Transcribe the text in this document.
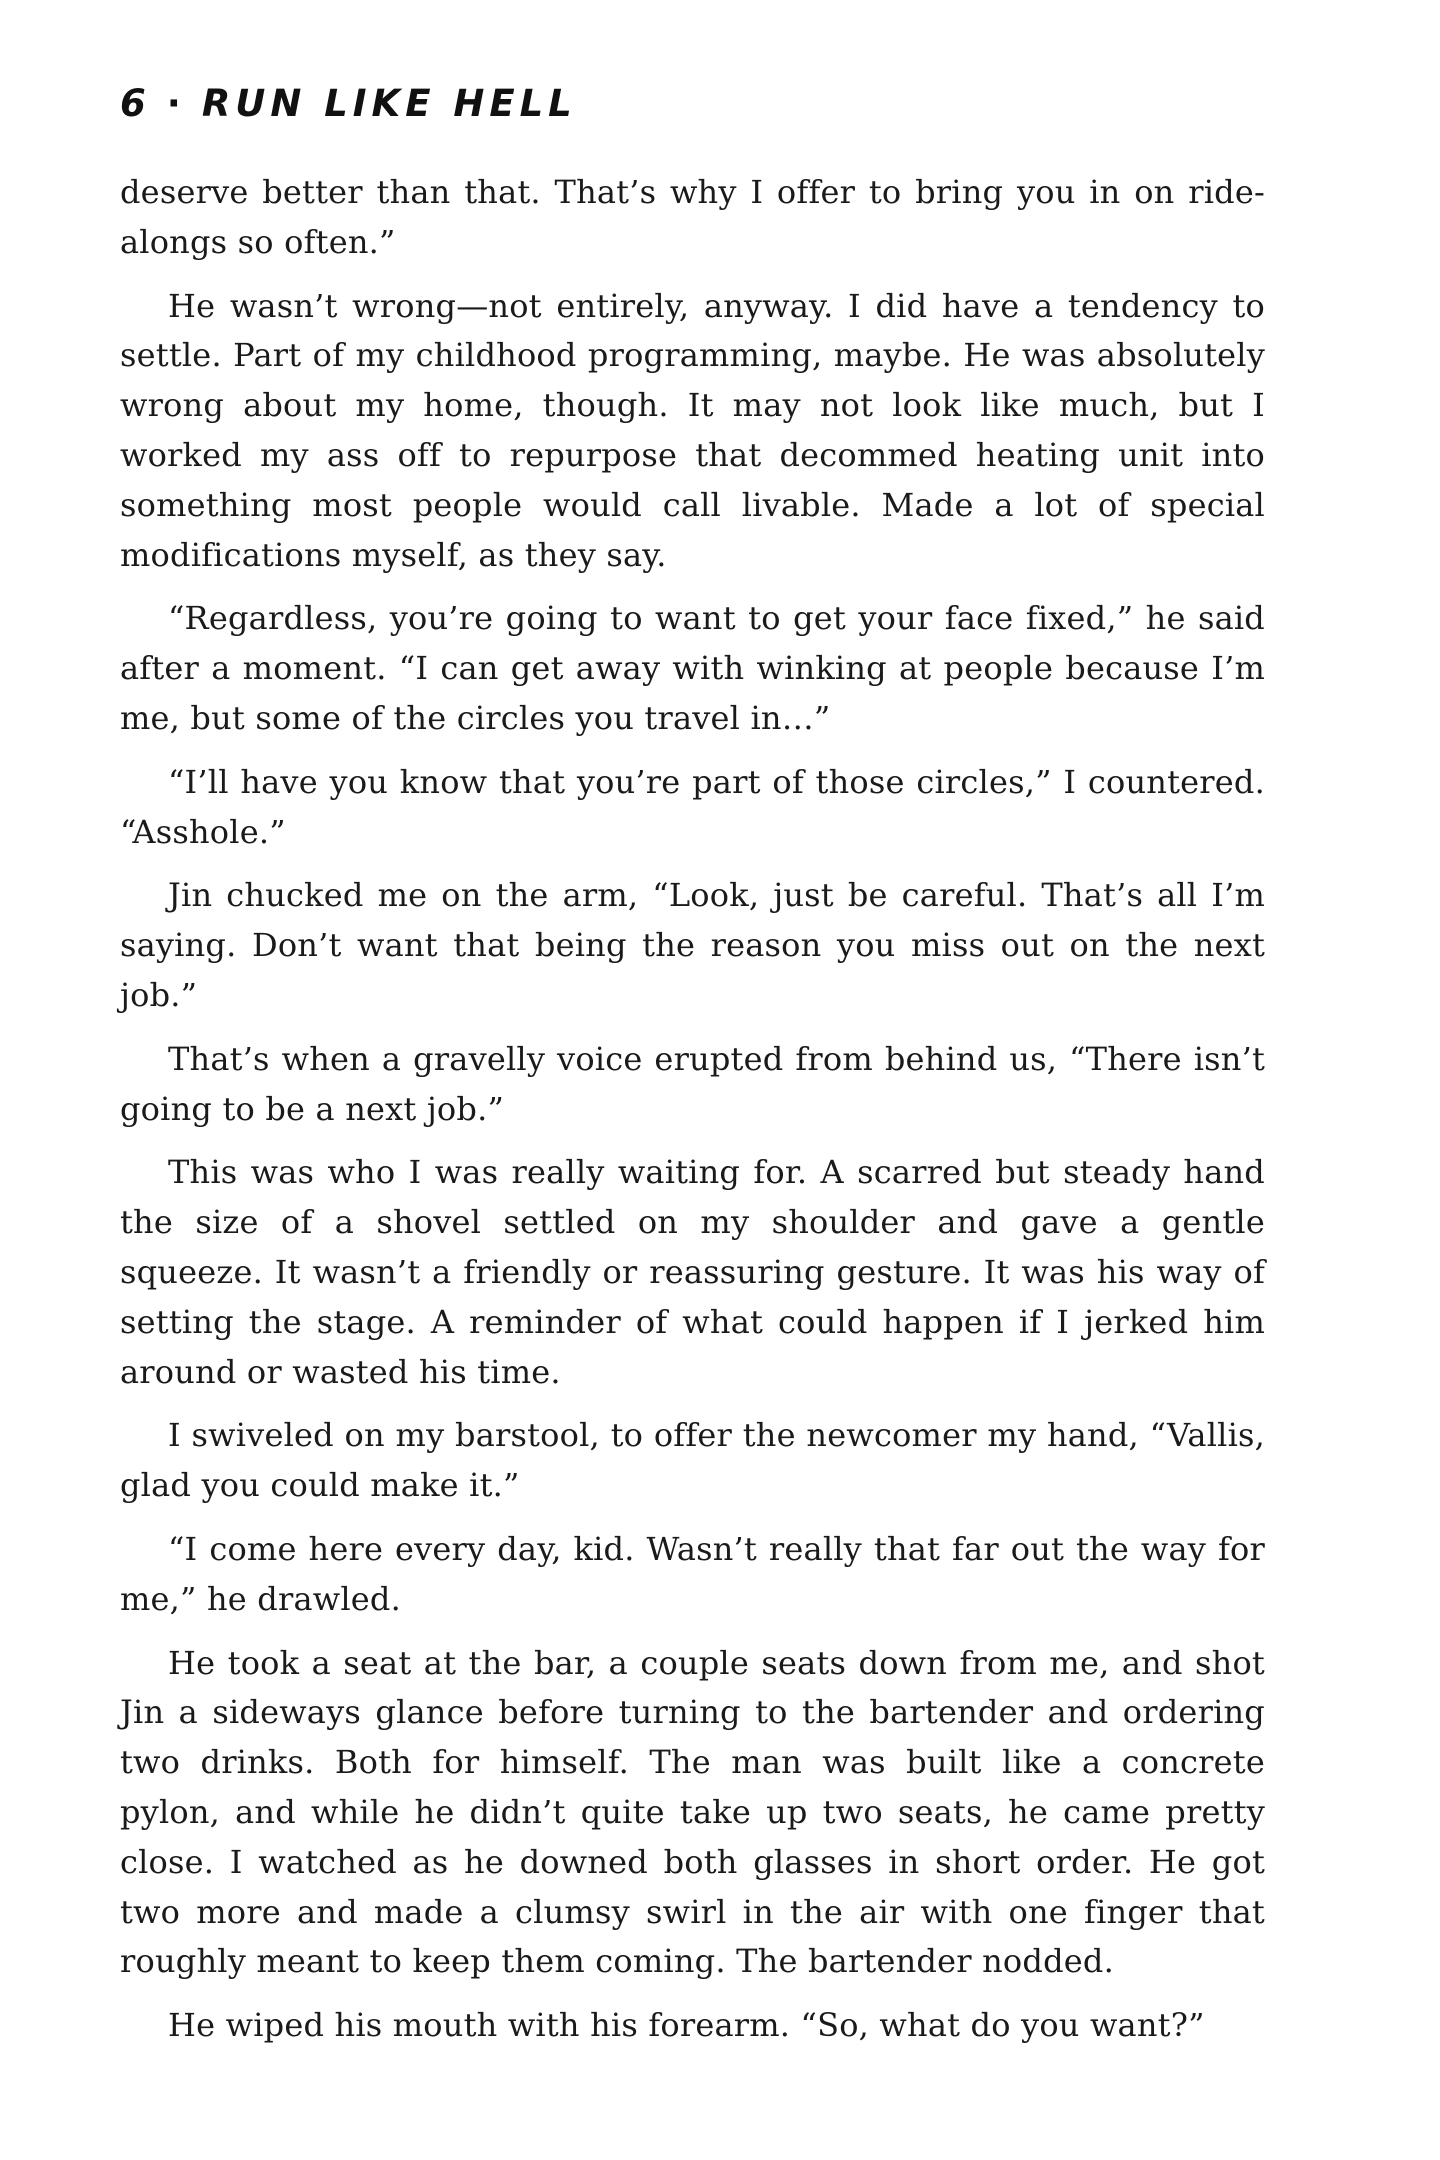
6 · RUN LIKE HELL

deserve better than that. That’s why I offer to bring you in on ride-alongs so often.”

He wasn’t wrong—not entirely, anyway. I did have a tendency to settle. Part of my childhood programming, maybe. He was absolutely wrong about my home, though. It may not look like much, but I worked my ass off to repurpose that decommed heating unit into something most people would call livable. Made a lot of special modifications myself, as they say.

“Regardless, you’re going to want to get your face fixed,” he said after a moment. “I can get away with winking at people because I’m me, but some of the circles you travel in…”

“I’ll have you know that you’re part of those circles,” I countered. “Asshole.”

Jin chucked me on the arm, “Look, just be careful. That’s all I’m saying. Don’t want that being the reason you miss out on the next job.”

That’s when a gravelly voice erupted from behind us, “There isn’t going to be a next job.”

This was who I was really waiting for. A scarred but steady hand the size of a shovel settled on my shoulder and gave a gentle squeeze. It wasn’t a friendly or reassuring gesture. It was his way of setting the stage. A reminder of what could happen if I jerked him around or wasted his time.

I swiveled on my barstool, to offer the newcomer my hand, “Vallis, glad you could make it.”

“I come here every day, kid. Wasn’t really that far out the way for me,” he drawled.

He took a seat at the bar, a couple seats down from me, and shot Jin a sideways glance before turning to the bartender and ordering two drinks. Both for himself. The man was built like a concrete pylon, and while he didn’t quite take up two seats, he came pretty close. I watched as he downed both glasses in short order. He got two more and made a clumsy swirl in the air with one finger that roughly meant to keep them coming. The bartender nodded.

He wiped his mouth with his forearm. “So, what do you want?”
